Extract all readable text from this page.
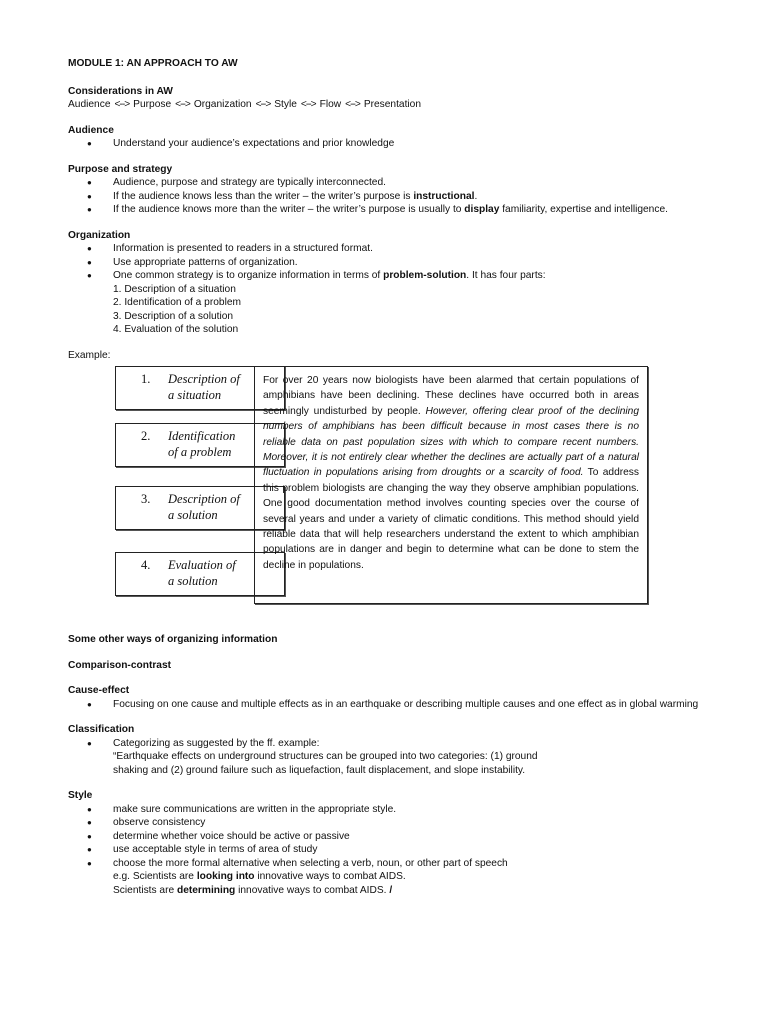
MODULE 1: AN APPROACH TO AW
Considerations in AW
Audience <--> Purpose <--> Organization <--> Style <--> Flow <--> Presentation
Audience
● Understand your audience’s expectations and prior knowledge
Purpose and strategy
● Audience, purpose and strategy are typically interconnected.
● If the audience knows less than the writer – the writer’s purpose is instructional.
● If the audience knows more than the writer – the writer’s purpose is usually to display familiarity, expertise and intelligence.
Organization
● Information is presented to readers in a structured format.
● Use appropriate patterns of organization.
● One common strategy is to organize information in terms of problem-solution. It has four parts:
1. Description of a situation
2. Identification of a problem
3. Description of a solution
4. Evaluation of the solution
Example:
1. Description of
a situation
2. Identification
of a problem
3. Description of
a solution
4. Evaluation of
a solution
For over 20 years now biologists have been alarmed that certain populations of amphibians have been declining. These declines have occurred both in areas seemingly undisturbed by people. However, offering clear proof of the declining numbers of amphibians has been difficult because in most cases there is no reliable data on past population sizes with which to compare recent numbers. Moreover, it is not entirely clear whether the declines are actually part of a natural fluctuation in populations arising from droughts or a scarcity of food. To address this problem biologists are changing the way they observe amphibian populations. One good documentation method involves counting species over the course of several years and under a variety of climatic conditions. This method should yield reliable data that will help researchers understand the extent to which amphibian populations are in danger and begin to determine what can be done to stem the decline in populations.
Some other ways of organizing information
Comparison-contrast
Cause-effect
● Focusing on one cause and multiple effects as in an earthquake or describing multiple causes and one effect as in global warming
Classification
● Categorizing as suggested by the ff. example:
“Earthquake effects on underground structures can be grouped into two categories: (1) ground
shaking and (2) ground failure such as liquefaction, fault displacement, and slope instability.
Style
● make sure communications are written in the appropriate style.
● observe consistency
● determine whether voice should be active or passive
● use acceptable style in terms of area of study
● choose the more formal alternative when selecting a verb, noun, or other part of speech
e.g. Scientists are looking into innovative ways to combat AIDS.
Scientists are determining innovative ways to combat AIDS. /
